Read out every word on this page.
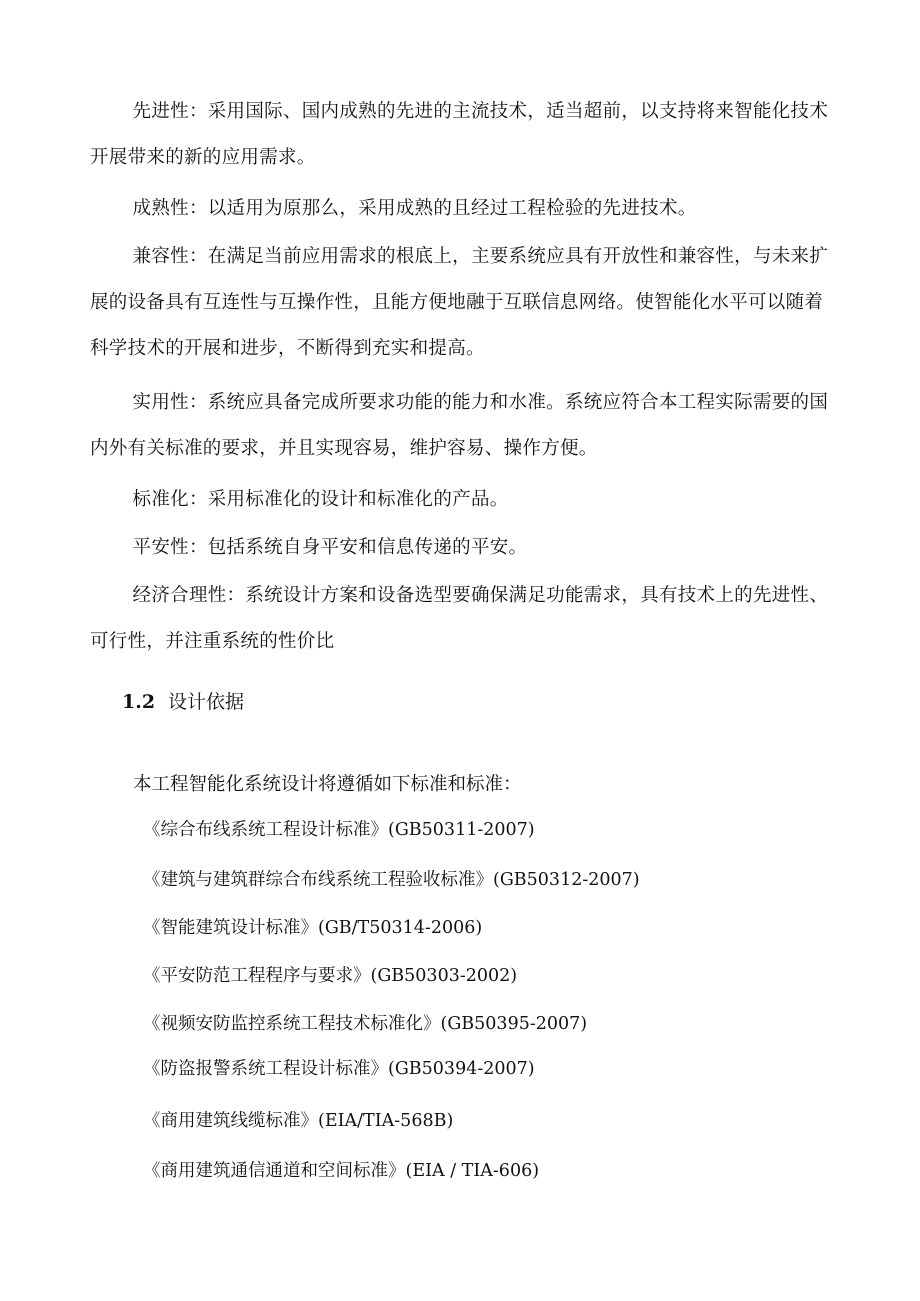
先进性：采用国际、国内成熟的先进的主流技术，适当超前，以支持将来智能化技术开展带来的新的应用需求。

成熟性：以适用为原那么，采用成熟的且经过工程检验的先进技术。

兼容性：在满足当前应用需求的根底上，主要系统应具有开放性和兼容性，与未来扩展的设备具有互连性与互操作性，且能方便地融于互联信息网络。使智能化水平可以随着科学技术的开展和进步，不断得到充实和提高。

实用性：系统应具备完成所要求功能的能力和水准。系统应符合本工程实际需要的国内外有关标准的要求，并且实现容易，维护容易、操作方便。

标准化：采用标准化的设计和标准化的产品。

平安性：包括系统自身平安和信息传递的平安。

经济合理性：系统设计方案和设备选型要确保满足功能需求，具有技术上的先进性、可行性，并注重系统的性价比

1.2 设计依据

本工程智能化系统设计将遵循如下标准和标准：

《综合布线系统工程设计标准》(GB50311-2007)

《建筑与建筑群综合布线系统工程验收标准》(GB50312-2007)

《智能建筑设计标准》(GB/T50314-2006)

《平安防范工程程序与要求》(GB50303-2002)

《视频安防监控系统工程技术标准化》(GB50395-2007)

《防盗报警系统工程设计标准》(GB50394-2007)

《商用建筑线缆标准》(EIA/TIA-568B)

《商用建筑通信通道和空间标准》(EIA / TIA-606)
